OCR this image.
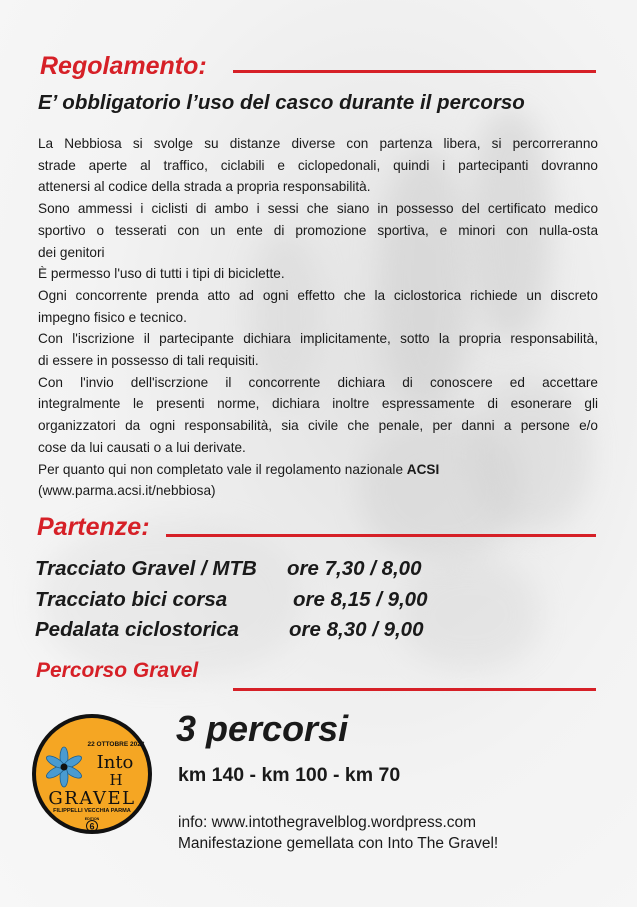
Regolamento:
E’ obbligatorio l’uso del casco durante il percorso

La Nebbiosa si svolge su distanze diverse con partenza libera, si percorreranno

strade aperte al traffico, ciclabili e ciclopedonali, quindi i partecipanti dovranno

attenersi al codice della strada a propria responsabilità.

Sono ammessi i ciclisti di ambo i sessi che siano in possesso del certificato medico

sportivo o tesserati con un ente di promozione sportiva, e minori con nulla-osta

dei genitori

È permesso l'uso di tutti i tipi di biciclette.

Ogni concorrente prenda atto ad ogni effetto che la ciclostorica richiede un discreto

impegno fisico e tecnico.

Con l'iscrizione il partecipante dichiara implicitamente, sotto la propria responsabilità,

di essere in possesso di tali requisiti.

Con l'invio dell'iscrzione il concorrente dichiara di conoscere ed accettare

integralmente le presenti norme, dichiara inoltre espressamente di esonerare gli

organizzatori da ogni responsabilità, sia civile che penale, per danni a persone e/o

cose da lui causati o a lui derivate.

Per quanto qui non completato vale il regolamento nazionale ACSI

(www.parma.acsi.it/nebbiosa)

Partenze:
Tracciato Gravel / MTB ore 7,30 / 8,00
Tracciato bici corsa	ore 8,15 / 9,00
Pedalata ciclostorica ore 8,30 / 9,00
Percorso Gravel
22 OTTOBRE 2023
Into
H
GRAVEL
FILIPPELLI VECCHIA PARMA
EDITION
6
3 percorsi
km 140 - km 100 - km 70
info: www.intothegravelblog.wordpress.com
Manifestazione gemellata con Into The Gravel!
